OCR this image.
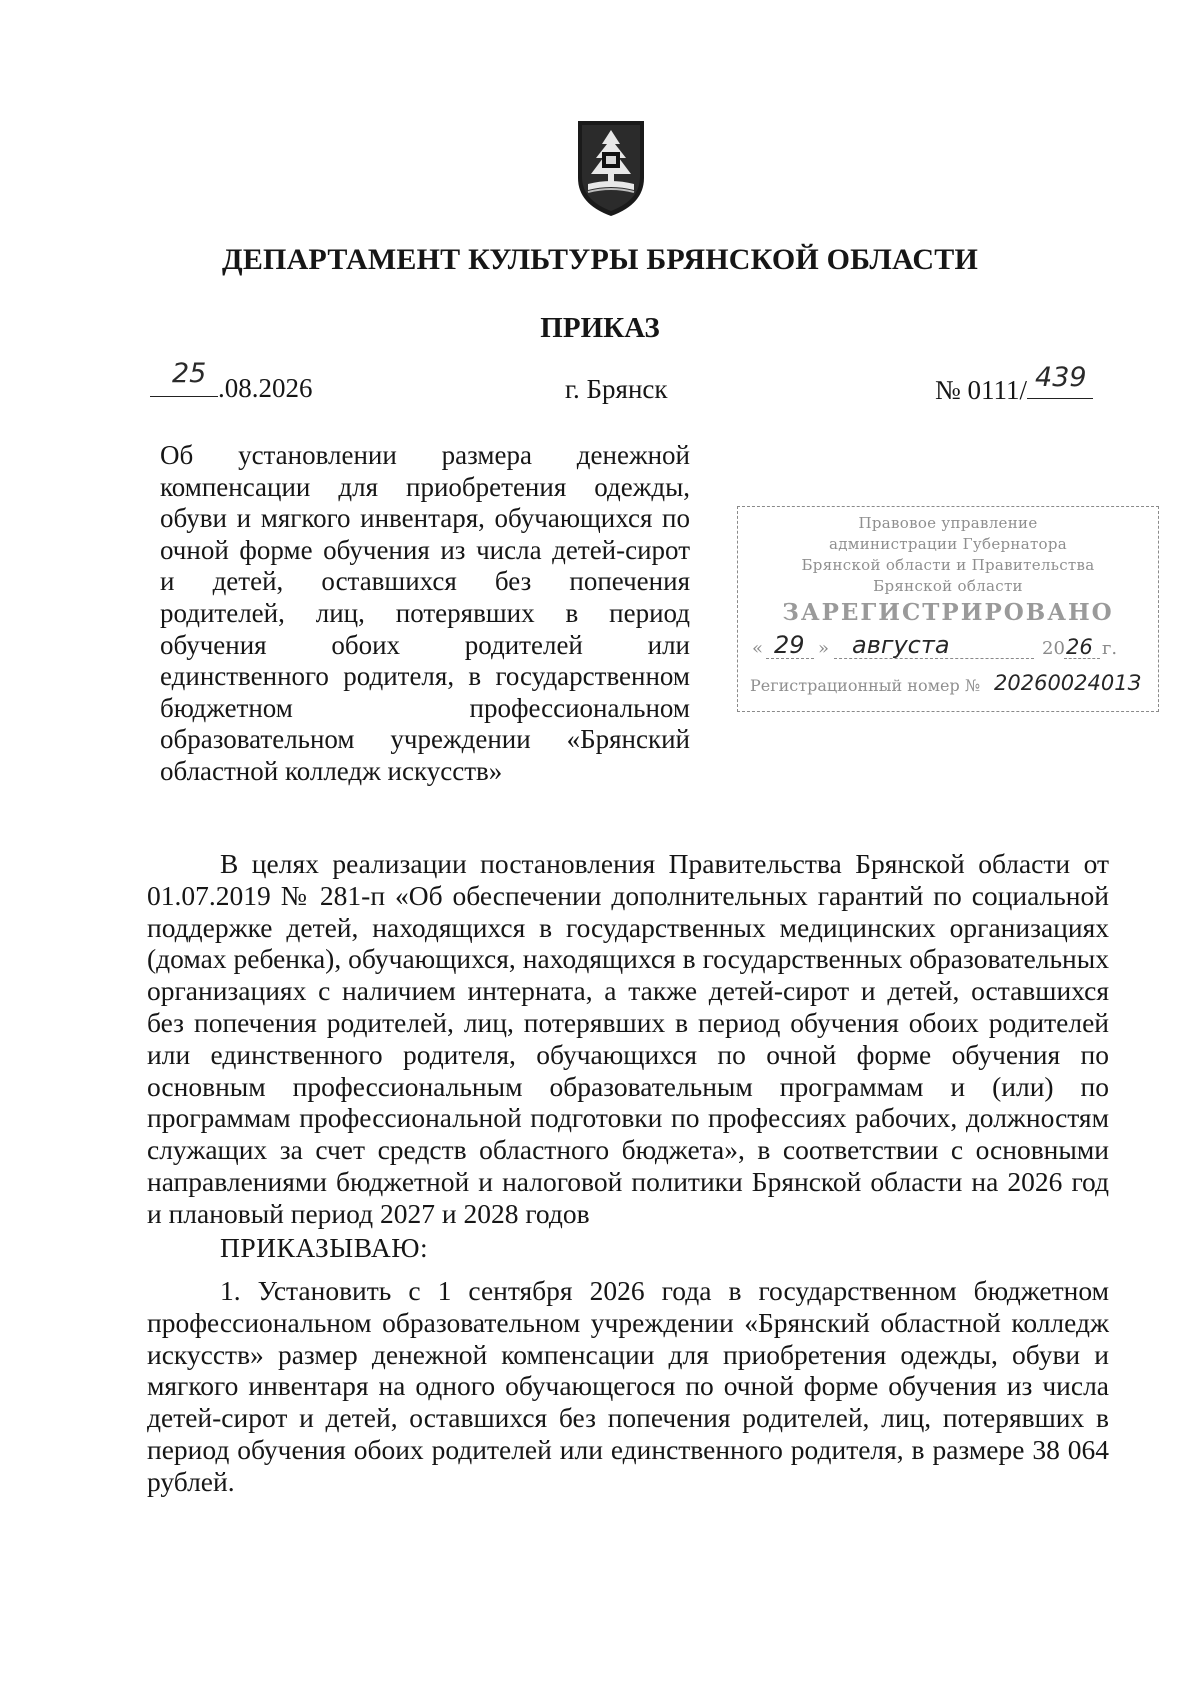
ДЕПАРТАМЕНТ КУЛЬТУРЫ БРЯНСКОЙ ОБЛАСТИ
ПРИКАЗ
25 .08.2026	г. Брянск	№ 0111/ 439
Об установлении размера денежной
компенсации для приобретения одежды,
обуви и мягкого инвентаря, обучающихся по
очной форме обучения из числа детей-сирот
и детей, оставшихся без попечения
родителей, лиц, потерявших в период
обучения обоих родителей или
единственного родителя, в государственном
бюджетном профессиональном
образовательном учреждении «Брянский
областной колледж искусств»
Правовое управление
администрации Губернатора
Брянской области и Правительства
Брянской области
ЗАРЕГИСТРИРОВАНО
« 29 » августа	20 26 г.
Регистрационный номер № 2026002401З

В целях реализации постановления Правительства Брянской области от 01.07.2019 № 281-п «Об обеспечении дополнительных гарантий по социальной поддержке детей, находящихся в государственных медицинских организациях (домах ребенка), обучающихся, находящихся в государственных образовательных организациях с наличием интерната, а также детей-сирот и детей, оставшихся без попечения родителей, лиц, потерявших в период обучения обоих родителей или единственного родителя, обучающихся по очной форме обучения по основным профессиональным образовательным программам и (или) по программам профессиональной подготовки по профессиях рабочих, должностям служащих за счет средств областного бюджета», в соответствии с основными направлениями бюджетной и налоговой политики Брянской области на 2026 год и плановый период 2027 и 2028 годов

ПРИКАЗЫВАЮ:

1. Установить с 1 сентября 2026 года в государственном бюджетном профессиональном образовательном учреждении «Брянский областной колледж искусств» размер денежной компенсации для приобретения одежды, обуви и мягкого инвентаря на одного обучающегося по очной форме обучения из числа детей-сирот и детей, оставшихся без попечения родителей, лиц, потерявших в период обучения обоих родителей или единственного родителя, в размере 38 064 рублей.
